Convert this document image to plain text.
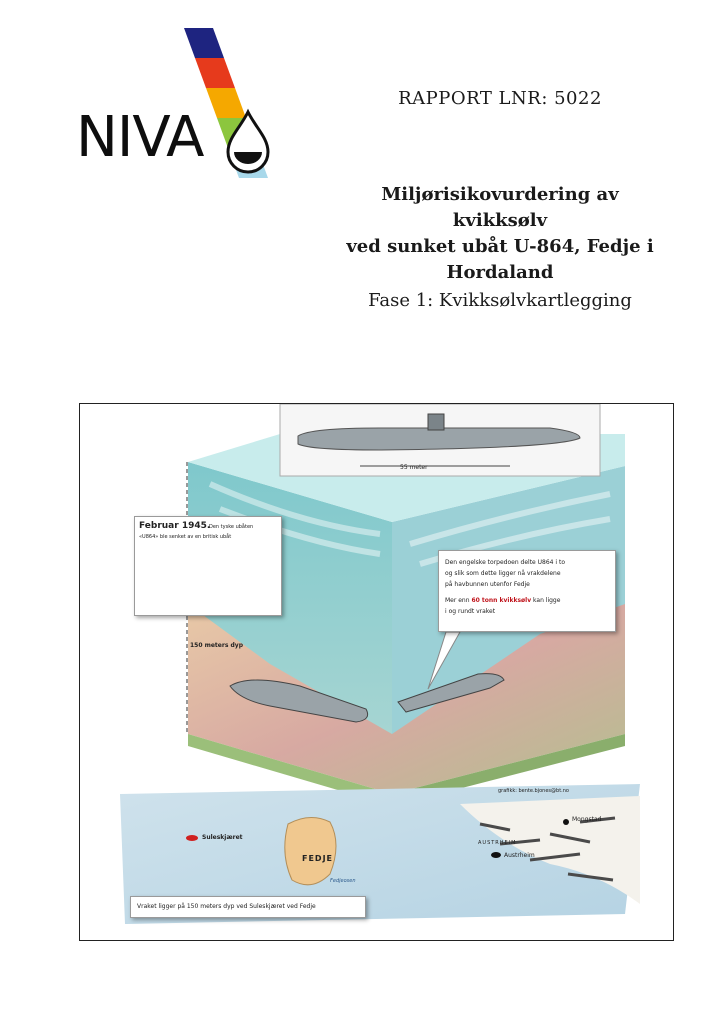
NIVA
RAPPORT LNR: 5022
Miljørisikovurdering av kvikksølv
ved sunket ubåt U-864, Fedje i
Hordaland
Fase 1: Kvikksølvkartlegging
55 meter
Februar 1945.
Den tyske ubåten
«U864» ble senket av en britisk ubåt
150 meters dyp
Den engelske torpedoen delte U864 i to
og slik som dette ligger nå vrakdelene
på havbunnen utenfor Fedje
Mer enn 60 tonn kvikksølv kan ligge
i og rundt vraket
grafikk: bente.bjones@bt.no
Suleskjæret
FEDJE
Fedjeosen
AUSTRHEIM
Austrheim
Mongstad
Vraket ligger på 150 meters dyp ved Suleskjæret ved Fedje
